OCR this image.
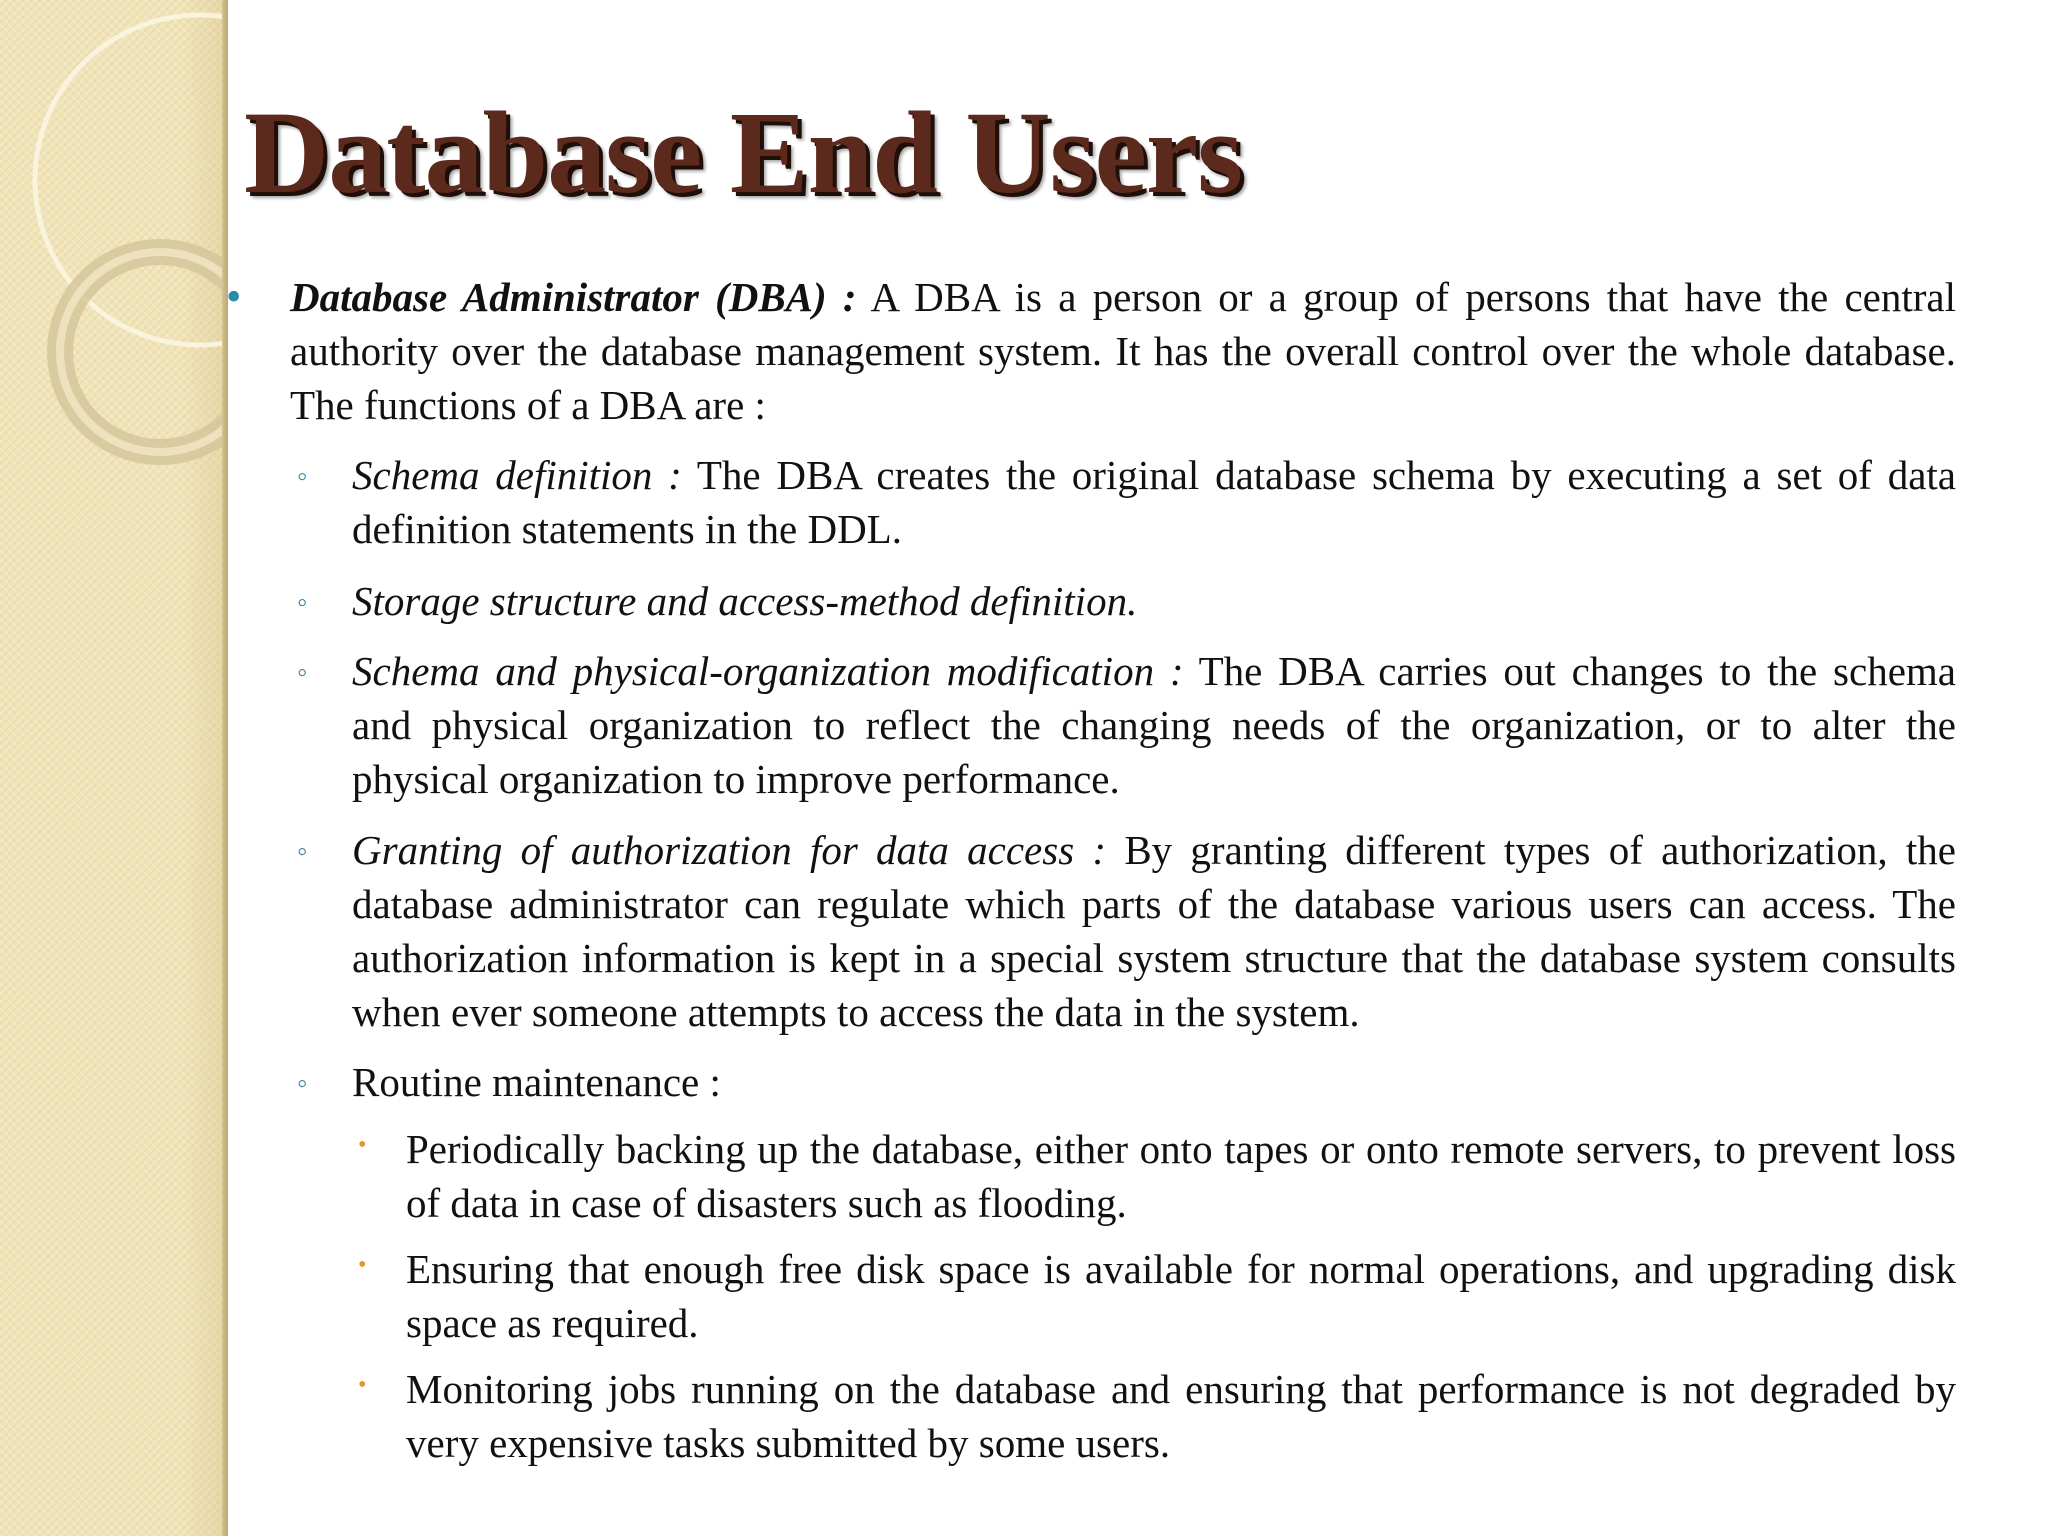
Database End Users
• Database Administrator (DBA) : A DBA is a person or a group of persons that have the central authority over the database management system. It has the overall control over the whole database. The functions of a DBA are :

◦ Schema definition : The DBA creates the original database schema by executing a set of data definition statements in the DDL.

◦ Storage structure and access-method definition.

◦ Schema and physical-organization modification : The DBA carries out changes to the schema and physical organization to reflect the changing needs of the organization, or to alter the physical organization to improve performance.

◦ Granting of authorization for data access : By granting different types of authorization, the database administrator can regulate which parts of the database various users can access. The authorization information is kept in a special system structure that the database system consults when ever someone attempts to access the data in the system.

◦ Routine maintenance :

• Periodically backing up the database, either onto tapes or onto remote servers, to prevent loss of data in case of disasters such as flooding.

• Ensuring that enough free disk space is available for normal operations, and upgrading disk space as required.

• Monitoring jobs running on the database and ensuring that performance is not degraded by very expensive tasks submitted by some users.
